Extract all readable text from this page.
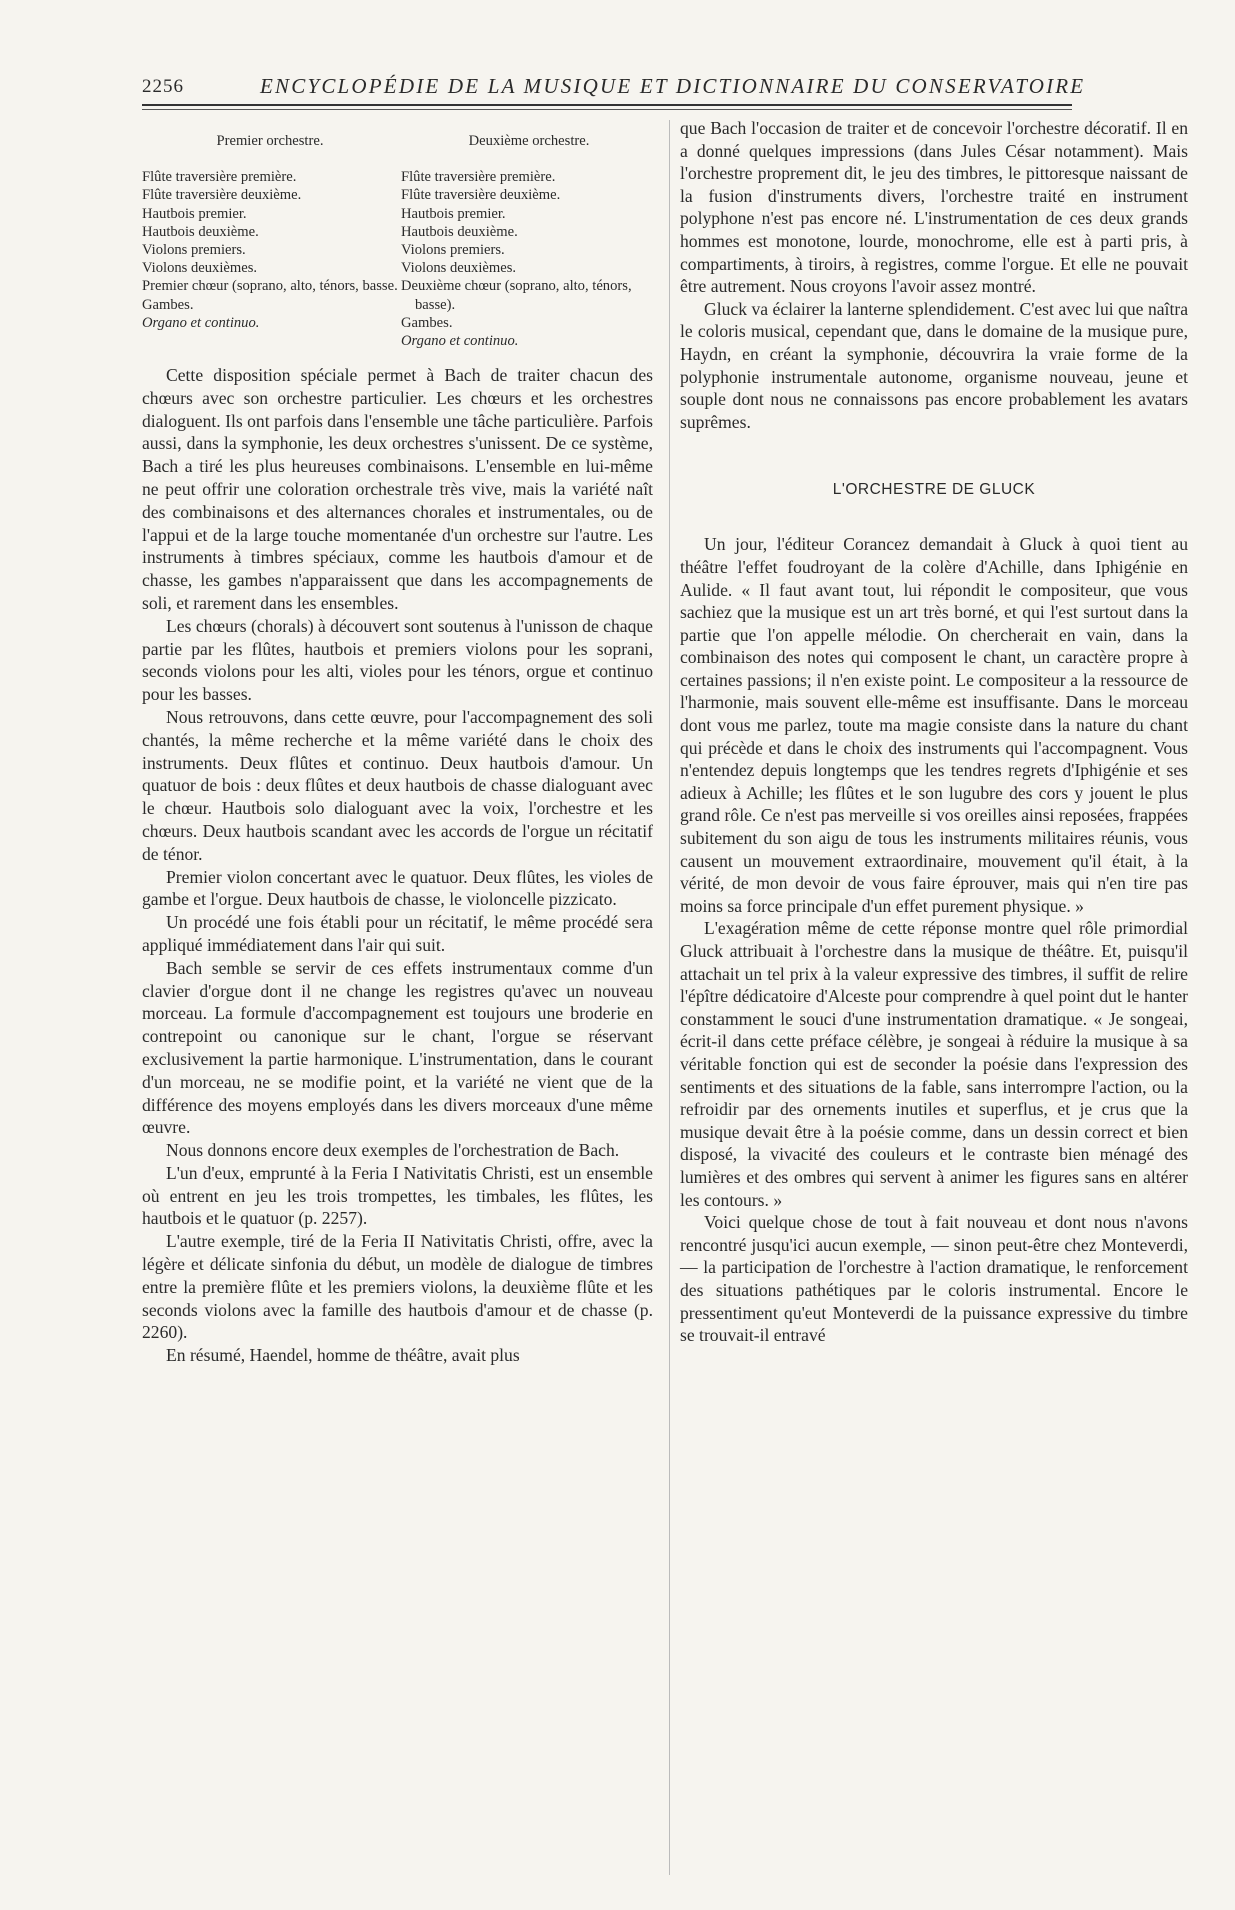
2256	ENCYCLOPÉDIE DE LA MUSIQUE ET DICTIONNAIRE DU CONSERVATOIRE
Premier orchestre.
Flûte traversière première.
Flûte traversière deuxième.
Hautbois premier.
Hautbois deuxième.
Violons premiers.
Violons deuxièmes.
Premier chœur (soprano, alto, ténors, basse.
Gambes.
Organo et continuo.
Deuxième orchestre.
Flûte traversière première.
Flûte traversière deuxième.
Hautbois premier.
Hautbois deuxième.
Violons premiers.
Violons deuxièmes.
Deuxième chœur (soprano, alto, ténors, basse).
Gambes.
Organo et continuo.

Cette disposition spéciale permet à Bach de traiter chacun des chœurs avec son orchestre particulier. Les chœurs et les orchestres dialoguent. Ils ont parfois dans l'ensemble une tâche particulière. Parfois aussi, dans la symphonie, les deux orchestres s'unissent. De ce système, Bach a tiré les plus heureuses combinaisons. L'ensemble en lui-même ne peut offrir une coloration orchestrale très vive, mais la variété naît des combinaisons et des alternances chorales et instrumentales, ou de l'appui et de la large touche momentanée d'un orchestre sur l'autre. Les instruments à timbres spéciaux, comme les hautbois d'amour et de chasse, les gambes n'apparaissent que dans les accompagnements de soli, et rarement dans les ensembles.

Les chœurs (chorals) à découvert sont soutenus à l'unisson de chaque partie par les flûtes, hautbois et premiers violons pour les soprani, seconds violons pour les alti, violes pour les ténors, orgue et continuo pour les basses.

Nous retrouvons, dans cette œuvre, pour l'accompagnement des soli chantés, la même recherche et la même variété dans le choix des instruments. Deux flûtes et continuo. Deux hautbois d'amour. Un quatuor de bois : deux flûtes et deux hautbois de chasse dialoguant avec le chœur. Hautbois solo dialoguant avec la voix, l'orchestre et les chœurs. Deux hautbois scandant avec les accords de l'orgue un récitatif de ténor.

Premier violon concertant avec le quatuor. Deux flûtes, les violes de gambe et l'orgue. Deux hautbois de chasse, le violoncelle pizzicato.

Un procédé une fois établi pour un récitatif, le même procédé sera appliqué immédiatement dans l'air qui suit.

Bach semble se servir de ces effets instrumentaux comme d'un clavier d'orgue dont il ne change les registres qu'avec un nouveau morceau. La formule d'accompagnement est toujours une broderie en contrepoint ou canonique sur le chant, l'orgue se réservant exclusivement la partie harmonique. L'instrumentation, dans le courant d'un morceau, ne se modifie point, et la variété ne vient que de la différence des moyens employés dans les divers morceaux d'une même œuvre.

Nous donnons encore deux exemples de l'orchestration de Bach.

L'un d'eux, emprunté à la Feria I Nativitatis Christi, est un ensemble où entrent en jeu les trois trompettes, les timbales, les flûtes, les hautbois et le quatuor (p. 2257).

L'autre exemple, tiré de la Feria II Nativitatis Christi, offre, avec la légère et délicate sinfonia du début, un modèle de dialogue de timbres entre la première flûte et les premiers violons, la deuxième flûte et les seconds violons avec la famille des hautbois d'amour et de chasse (p. 2260).

En résumé, Haendel, homme de théâtre, avait plus

que Bach l'occasion de traiter et de concevoir l'orchestre décoratif. Il en a donné quelques impressions (dans Jules César notamment). Mais l'orchestre proprement dit, le jeu des timbres, le pittoresque naissant de la fusion d'instruments divers, l'orchestre traité en instrument polyphone n'est pas encore né. L'instrumentation de ces deux grands hommes est monotone, lourde, monochrome, elle est à parti pris, à compartiments, à tiroirs, à registres, comme l'orgue. Et elle ne pouvait être autrement. Nous croyons l'avoir assez montré.

Gluck va éclairer la lanterne splendidement. C'est avec lui que naîtra le coloris musical, cependant que, dans le domaine de la musique pure, Haydn, en créant la symphonie, découvrira la vraie forme de la polyphonie instrumentale autonome, organisme nouveau, jeune et souple dont nous ne connaissons pas encore probablement les avatars suprêmes.

L'ORCHESTRE DE GLUCK

Un jour, l'éditeur Corancez demandait à Gluck à quoi tient au théâtre l'effet foudroyant de la colère d'Achille, dans Iphigénie en Aulide. « Il faut avant tout, lui répondit le compositeur, que vous sachiez que la musique est un art très borné, et qui l'est surtout dans la partie que l'on appelle mélodie. On chercherait en vain, dans la combinaison des notes qui composent le chant, un caractère propre à certaines passions; il n'en existe point. Le compositeur a la ressource de l'harmonie, mais souvent elle-même est insuffisante. Dans le morceau dont vous me parlez, toute ma magie consiste dans la nature du chant qui précède et dans le choix des instruments qui l'accompagnent. Vous n'entendez depuis longtemps que les tendres regrets d'Iphigénie et ses adieux à Achille; les flûtes et le son lugubre des cors y jouent le plus grand rôle. Ce n'est pas merveille si vos oreilles ainsi reposées, frappées subitement du son aigu de tous les instruments militaires réunis, vous causent un mouvement extraordinaire, mouvement qu'il était, à la vérité, de mon devoir de vous faire éprouver, mais qui n'en tire pas moins sa force principale d'un effet purement physique. »

L'exagération même de cette réponse montre quel rôle primordial Gluck attribuait à l'orchestre dans la musique de théâtre. Et, puisqu'il attachait un tel prix à la valeur expressive des timbres, il suffit de relire l'épître dédicatoire d'Alceste pour comprendre à quel point dut le hanter constamment le souci d'une instrumentation dramatique. « Je songeai, écrit-il dans cette préface célèbre, je songeai à réduire la musique à sa véritable fonction qui est de seconder la poésie dans l'expression des sentiments et des situations de la fable, sans interrompre l'action, ou la refroidir par des ornements inutiles et superflus, et je crus que la musique devait être à la poésie comme, dans un dessin correct et bien disposé, la vivacité des couleurs et le contraste bien ménagé des lumières et des ombres qui servent à animer les figures sans en altérer les contours. »

Voici quelque chose de tout à fait nouveau et dont nous n'avons rencontré jusqu'ici aucun exemple, — sinon peut-être chez Monteverdi, — la participation de l'orchestre à l'action dramatique, le renforcement des situations pathétiques par le coloris instrumental. Encore le pressentiment qu'eut Monteverdi de la puissance expressive du timbre se trouvait-il entravé
